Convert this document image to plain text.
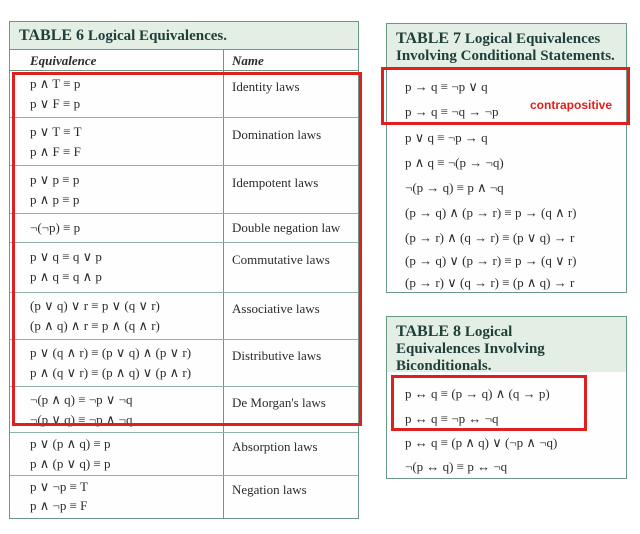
TABLE 6 Logical Equivalences.
Equivalence	Name
p ∧ T ≡ p
p ∨ F ≡ p
Identity laws
p ∨ T ≡ T
p ∧ F ≡ F
Domination laws
p ∨ p ≡ p
p ∧ p ≡ p
Idempotent laws
¬(¬p) ≡ p	Double negation law
p ∨ q ≡ q ∨ p
p ∧ q ≡ q ∧ p
Commutative laws
(p ∨ q) ∨ r ≡ p ∨ (q ∨ r)
(p ∧ q) ∧ r ≡ p ∧ (q ∧ r)
Associative laws
p ∨ (q ∧ r) ≡ (p ∨ q) ∧ (p ∨ r)
p ∧ (q ∨ r) ≡ (p ∧ q) ∨ (p ∧ r)
Distributive laws
¬(p ∧ q) ≡ ¬p ∨ ¬q
¬(p ∨ q) ≡ ¬p ∧ ¬q
De Morgan's laws
p ∨ (p ∧ q) ≡ p
p ∧ (p ∨ q) ≡ p
Absorption laws
p ∨ ¬p ≡ T
p ∧ ¬p ≡ F
Negation laws
TABLE 7 Logical Equivalences
Involving Conditional Statements.
p → q ≡ ¬p ∨ q
p → q ≡ ¬q → ¬p
p ∨ q ≡ ¬p → q
p ∧ q ≡ ¬(p → ¬q)
¬(p → q) ≡ p ∧ ¬q
(p → q) ∧ (p → r) ≡ p → (q ∧ r)
(p → r) ∧ (q → r) ≡ (p ∨ q) → r
(p → q) ∨ (p → r) ≡ p → (q ∨ r)
(p → r) ∨ (q → r) ≡ (p ∧ q) → r
TABLE 8 Logical
Equivalences Involving
Biconditionals.
p ↔ q ≡ (p → q) ∧ (q → p)
p ↔ q ≡ ¬p ↔ ¬q
p ↔ q ≡ (p ∧ q) ∨ (¬p ∧ ¬q)
¬(p ↔ q) ≡ p ↔ ¬q
contrapositive
